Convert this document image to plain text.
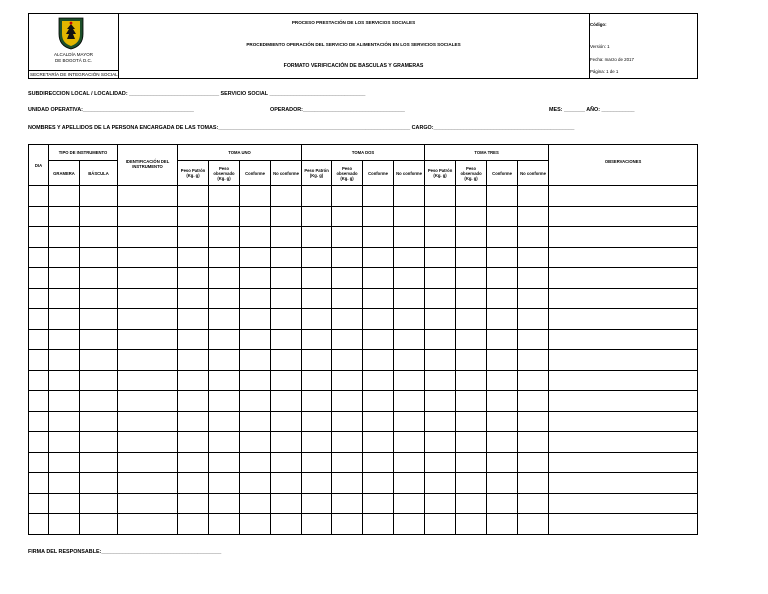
ALCALDÍA MAYOR
DE BOGOTÁ D.C.
SECRETARÍA DE INTEGRACIÓN SOCIAL
PROCESO PRESTACIÓN DE LOS SERVICIOS SOCIALES
PROCEDIMIENTO OPERACIÓN DEL SERVICIO DE ALIMENTACIÓN EN LOS SERVICIOS SOCIALES
FORMATO VERIFICACIÓN DE BASCULAS Y GRAMERAS
Código:
Versión: 1
Fecha: marzo de 2017
Página: 1 de 1
SUBDIRECCION LOCAL / LOCALIDAD: ______________________________ SERVICIO SOCIAL ________________________________
UNIDAD OPERATIVA:_____________________________________	OPERADOR:__________________________________	MES: _______ AÑO: ___________
NOMBRES Y APELLIDOS DE LA PERSONA ENCARGADA DE LAS TOMAS:________________________________________________________________ CARGO:_______________________________________________
DIA	TIPO DE INSTRUMENTO		IDENTIFICACIÓN DEL INSTRUMENTO	TOMA UNO				TOMA DOS				TOMA TRES				OBSERVACIONES
	GRAMERA	BÁSCULA		Peso Patrón (Kg. g)	Peso observado (Kg. g)	Conforme	No conforme	Peso Patrón (Kg. g)	Peso observado (Kg. g)	Conforme	No conforme	Peso Patrón (Kg. g)	Peso observado (Kg. g)	Conforme	No conforme	

FIRMA DEL RESPONSABLE:________________________________________
